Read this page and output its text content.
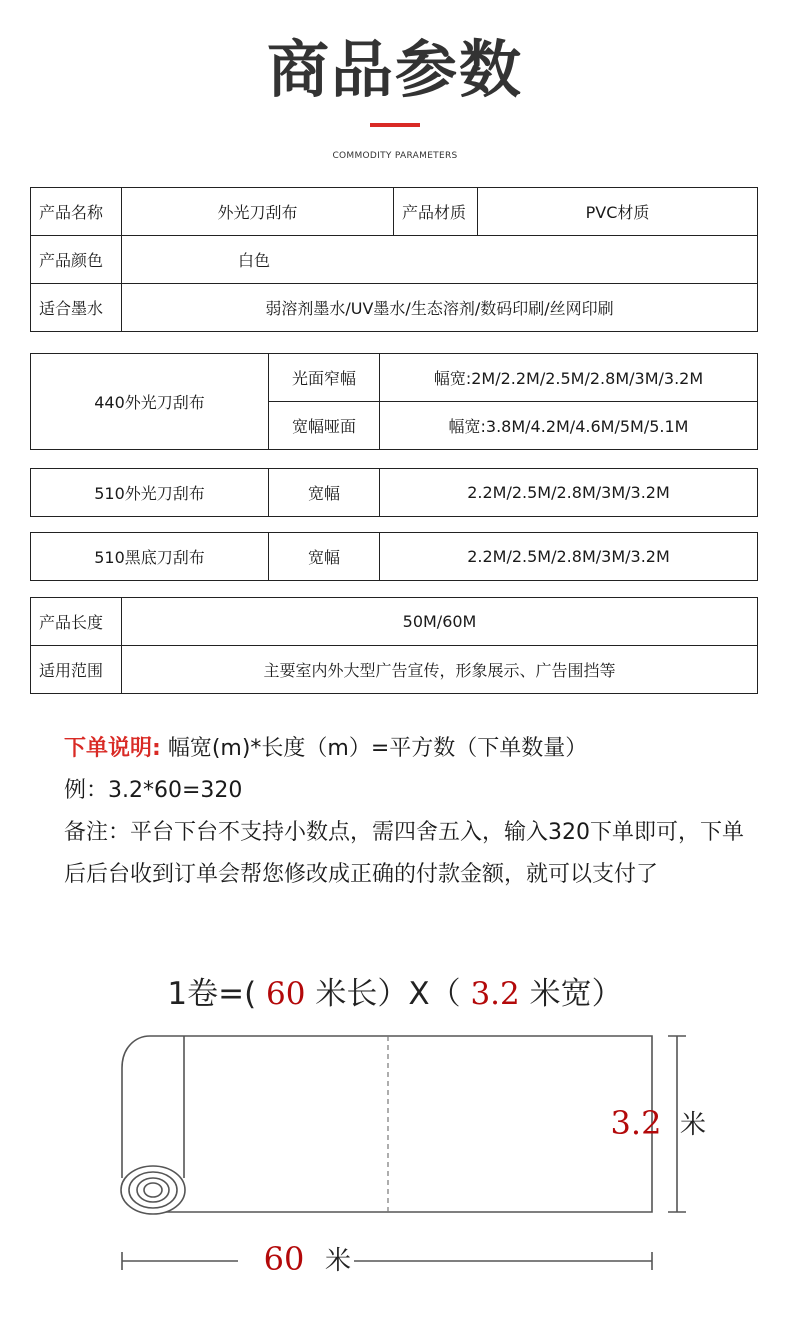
商品参数
COMMODITY PARAMETERS
产品名称	外光刀刮布	产品材质	PVC材质
产品颜色	白色		
适合墨水	弱溶剂墨水/UV墨水/生态溶剂/数码印刷/丝网印刷		
440外光刀刮布	光面窄幅	幅宽:2M/2.2M/2.5M/2.8M/3M/3.2M
	宽幅哑面	幅宽:3.8M/4.2M/4.6M/5M/5.1M
510外光刀刮布	宽幅	2.2M/2.5M/2.8M/3M/3.2M
510黑底刀刮布	宽幅	2.2M/2.5M/2.8M/3M/3.2M
产品长度	50M/60M
适用范围	主要室内外大型广告宣传，形象展示、广告围挡等

下单说明: 幅宽(m)*长度（m）=平方数（下单数量）

例：3.2*60=320

备注：平台下台不支持小数点，需四舍五入，输入320下单即可，下单后后台收到订单会帮您修改成正确的付款金额，就可以支付了

1卷=( 60 米长）X（ 3.2 米宽）
3.2 米
60 米
